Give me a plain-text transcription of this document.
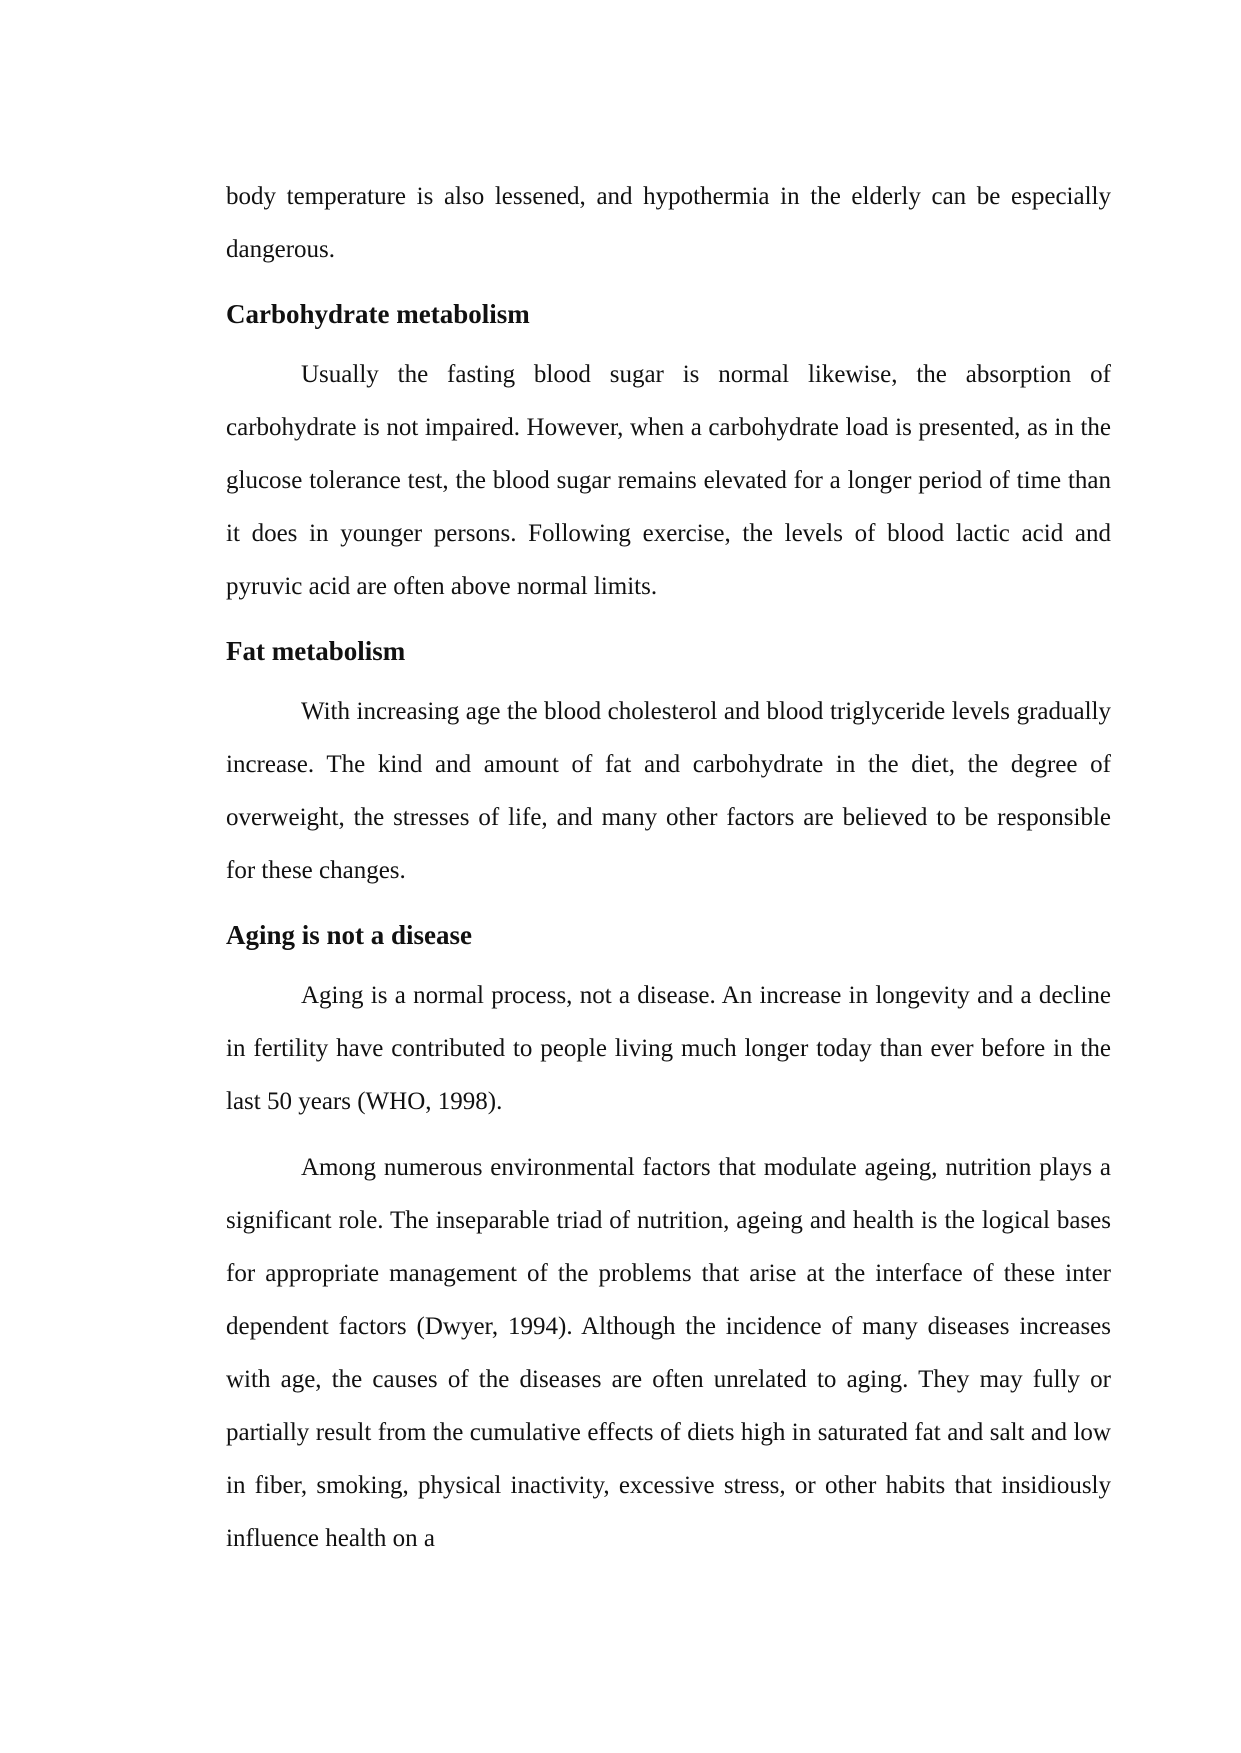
body temperature is also lessened, and hypothermia in the elderly can be especially dangerous.

Carbohydrate metabolism

Usually the fasting blood sugar is normal likewise, the absorption of carbohydrate is not impaired. However, when a carbohydrate load is presented, as in the glucose tolerance test, the blood sugar remains elevated for a longer period of time than it does in younger persons. Following exercise, the levels of blood lactic acid and pyruvic acid are often above normal limits.

Fat metabolism

With increasing age the blood cholesterol and blood triglyceride levels gradually increase. The kind and amount of fat and carbohydrate in the diet, the degree of overweight, the stresses of life, and many other factors are believed to be responsible for these changes.

Aging is not a disease

Aging is a normal process, not a disease. An increase in longevity and a decline in fertility have contributed to people living much longer today than ever before in the last 50 years (WHO, 1998).

Among numerous environmental factors that modulate ageing, nutrition plays a significant role. The inseparable triad of nutrition, ageing and health is the logical bases for appropriate management of the problems that arise at the interface of these inter dependent factors (Dwyer, 1994). Although the incidence of many diseases increases with age, the causes of the diseases are often unrelated to aging. They may fully or partially result from the cumulative effects of diets high in saturated fat and salt and low in fiber, smoking, physical inactivity, excessive stress, or other habits that insidiously influence health on a
